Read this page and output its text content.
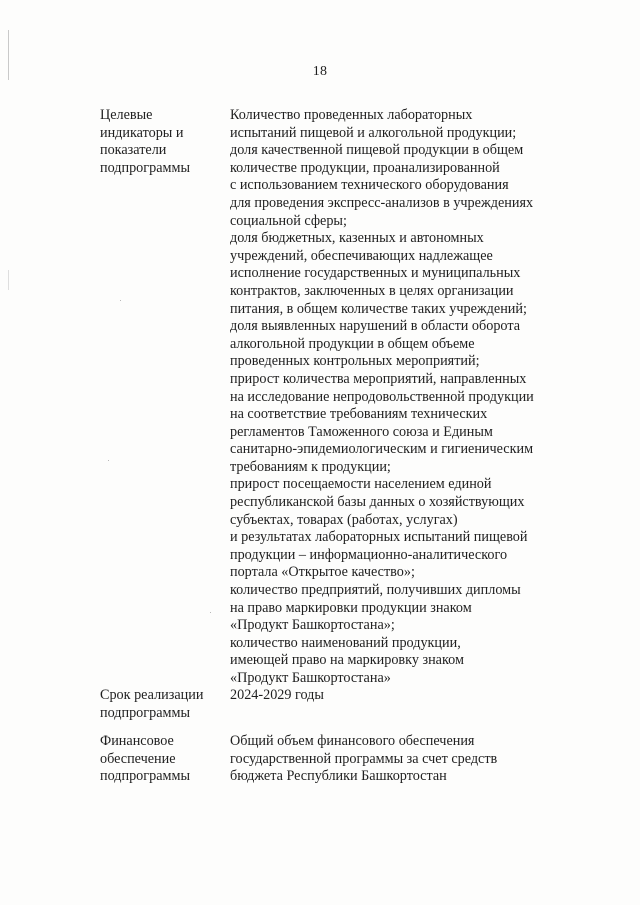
18
Целевые
индикаторы и
показатели
подпрограммы
Количество проведенных лабораторных
испытаний пищевой и алкогольной продукции;
доля качественной пищевой продукции в общем
количестве продукции, проанализированной
с использованием технического оборудования
для проведения экспресс-анализов в учреждениях
социальной сферы;
доля бюджетных, казенных и автономных
учреждений, обеспечивающих надлежащее
исполнение государственных и муниципальных
контрактов, заключенных в целях организации
питания, в общем количестве таких учреждений;
доля выявленных нарушений в области оборота
алкогольной продукции в общем объеме
проведенных контрольных мероприятий;
прирост количества мероприятий, направленных
на исследование непродовольственной продукции
на соответствие требованиям технических
регламентов Таможенного союза и Единым
санитарно-эпидемиологическим и гигиеническим
требованиям к продукции;
прирост посещаемости населением единой
республиканской базы данных о хозяйствующих
субъектах, товарах (работах, услугах)
и результатах лабораторных испытаний пищевой
продукции – информационно-аналитического
портала «Открытое качество»;
количество предприятий, получивших дипломы
на право маркировки продукции знаком
«Продукт Башкортостана»;
количество наименований продукции,
имеющей право на маркировку знаком
«Продукт Башкортостана»
Срок реализации
подпрограммы
2024-2029 годы
Финансовое
обеспечение
подпрограммы
Общий объем финансового обеспечения
государственной программы за счет средств
бюджета Республики Башкортостан
